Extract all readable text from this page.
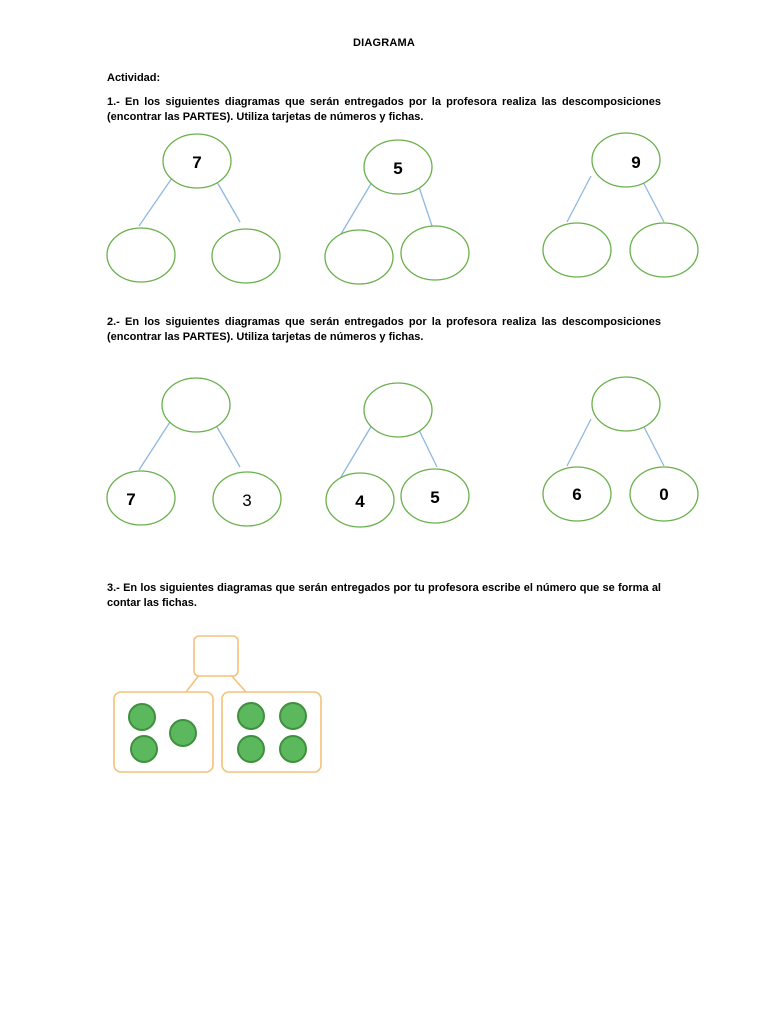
DIAGRAMA
Actividad:
1.- En los siguientes diagramas que serán entregados por la profesora realiza las descomposiciones (encontrar las PARTES). Utiliza tarjetas de números y fichas.
7	5	9
7	3	4	5	6	0
2.- En los siguientes diagramas que serán entregados por la profesora realiza las descomposiciones (encontrar las PARTES). Utiliza tarjetas de números y fichas.
3.- En los siguientes diagramas que serán entregados por tu profesora escribe el número que se forma al contar las fichas.
